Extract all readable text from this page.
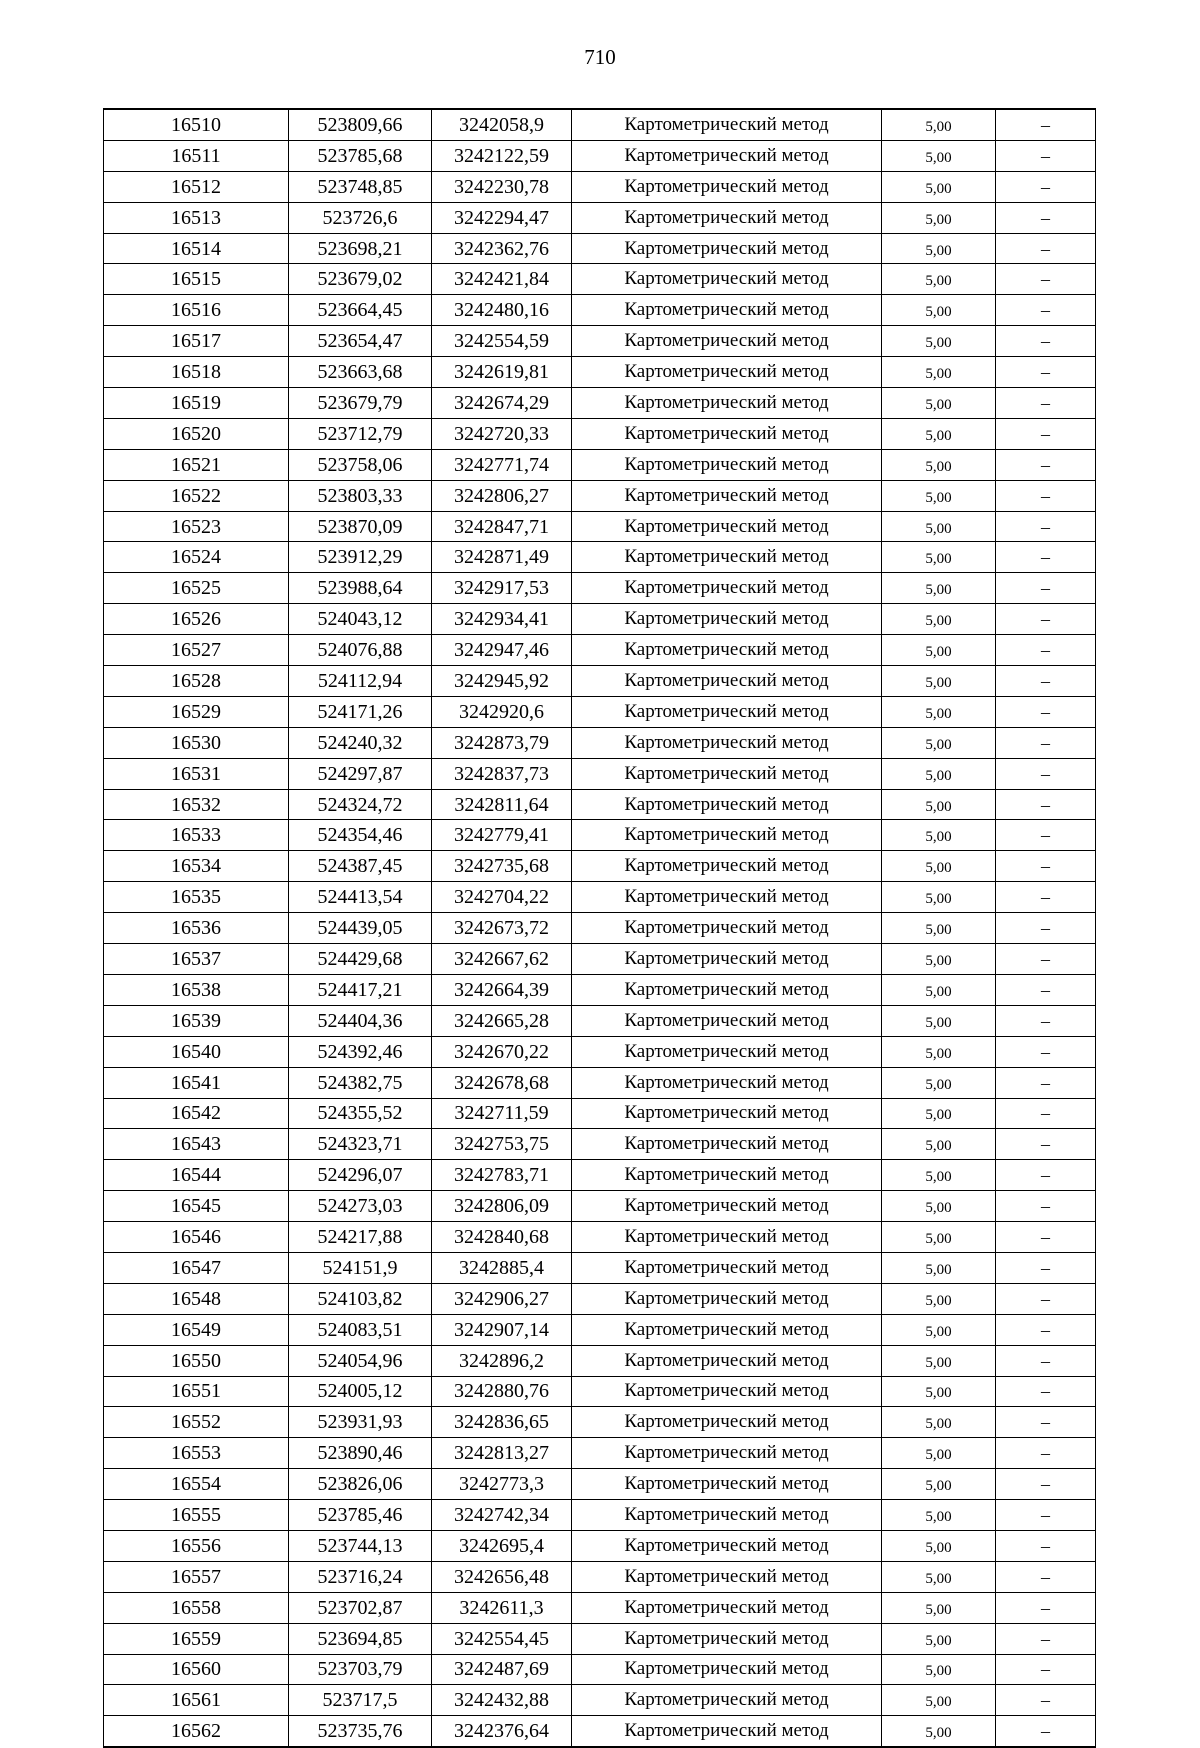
710
16510	523809,66	3242058,9	Картометрический метод	5,00	–
16511	523785,68	3242122,59	Картометрический метод	5,00	–
16512	523748,85	3242230,78	Картометрический метод	5,00	–
16513	523726,6	3242294,47	Картометрический метод	5,00	–
16514	523698,21	3242362,76	Картометрический метод	5,00	–
16515	523679,02	3242421,84	Картометрический метод	5,00	–
16516	523664,45	3242480,16	Картометрический метод	5,00	–
16517	523654,47	3242554,59	Картометрический метод	5,00	–
16518	523663,68	3242619,81	Картометрический метод	5,00	–
16519	523679,79	3242674,29	Картометрический метод	5,00	–
16520	523712,79	3242720,33	Картометрический метод	5,00	–
16521	523758,06	3242771,74	Картометрический метод	5,00	–
16522	523803,33	3242806,27	Картометрический метод	5,00	–
16523	523870,09	3242847,71	Картометрический метод	5,00	–
16524	523912,29	3242871,49	Картометрический метод	5,00	–
16525	523988,64	3242917,53	Картометрический метод	5,00	–
16526	524043,12	3242934,41	Картометрический метод	5,00	–
16527	524076,88	3242947,46	Картометрический метод	5,00	–
16528	524112,94	3242945,92	Картометрический метод	5,00	–
16529	524171,26	3242920,6	Картометрический метод	5,00	–
16530	524240,32	3242873,79	Картометрический метод	5,00	–
16531	524297,87	3242837,73	Картометрический метод	5,00	–
16532	524324,72	3242811,64	Картометрический метод	5,00	–
16533	524354,46	3242779,41	Картометрический метод	5,00	–
16534	524387,45	3242735,68	Картометрический метод	5,00	–
16535	524413,54	3242704,22	Картометрический метод	5,00	–
16536	524439,05	3242673,72	Картометрический метод	5,00	–
16537	524429,68	3242667,62	Картометрический метод	5,00	–
16538	524417,21	3242664,39	Картометрический метод	5,00	–
16539	524404,36	3242665,28	Картометрический метод	5,00	–
16540	524392,46	3242670,22	Картометрический метод	5,00	–
16541	524382,75	3242678,68	Картометрический метод	5,00	–
16542	524355,52	3242711,59	Картометрический метод	5,00	–
16543	524323,71	3242753,75	Картометрический метод	5,00	–
16544	524296,07	3242783,71	Картометрический метод	5,00	–
16545	524273,03	3242806,09	Картометрический метод	5,00	–
16546	524217,88	3242840,68	Картометрический метод	5,00	–
16547	524151,9	3242885,4	Картометрический метод	5,00	–
16548	524103,82	3242906,27	Картометрический метод	5,00	–
16549	524083,51	3242907,14	Картометрический метод	5,00	–
16550	524054,96	3242896,2	Картометрический метод	5,00	–
16551	524005,12	3242880,76	Картометрический метод	5,00	–
16552	523931,93	3242836,65	Картометрический метод	5,00	–
16553	523890,46	3242813,27	Картометрический метод	5,00	–
16554	523826,06	3242773,3	Картометрический метод	5,00	–
16555	523785,46	3242742,34	Картометрический метод	5,00	–
16556	523744,13	3242695,4	Картометрический метод	5,00	–
16557	523716,24	3242656,48	Картометрический метод	5,00	–
16558	523702,87	3242611,3	Картометрический метод	5,00	–
16559	523694,85	3242554,45	Картометрический метод	5,00	–
16560	523703,79	3242487,69	Картометрический метод	5,00	–
16561	523717,5	3242432,88	Картометрический метод	5,00	–
16562	523735,76	3242376,64	Картометрический метод	5,00	–
